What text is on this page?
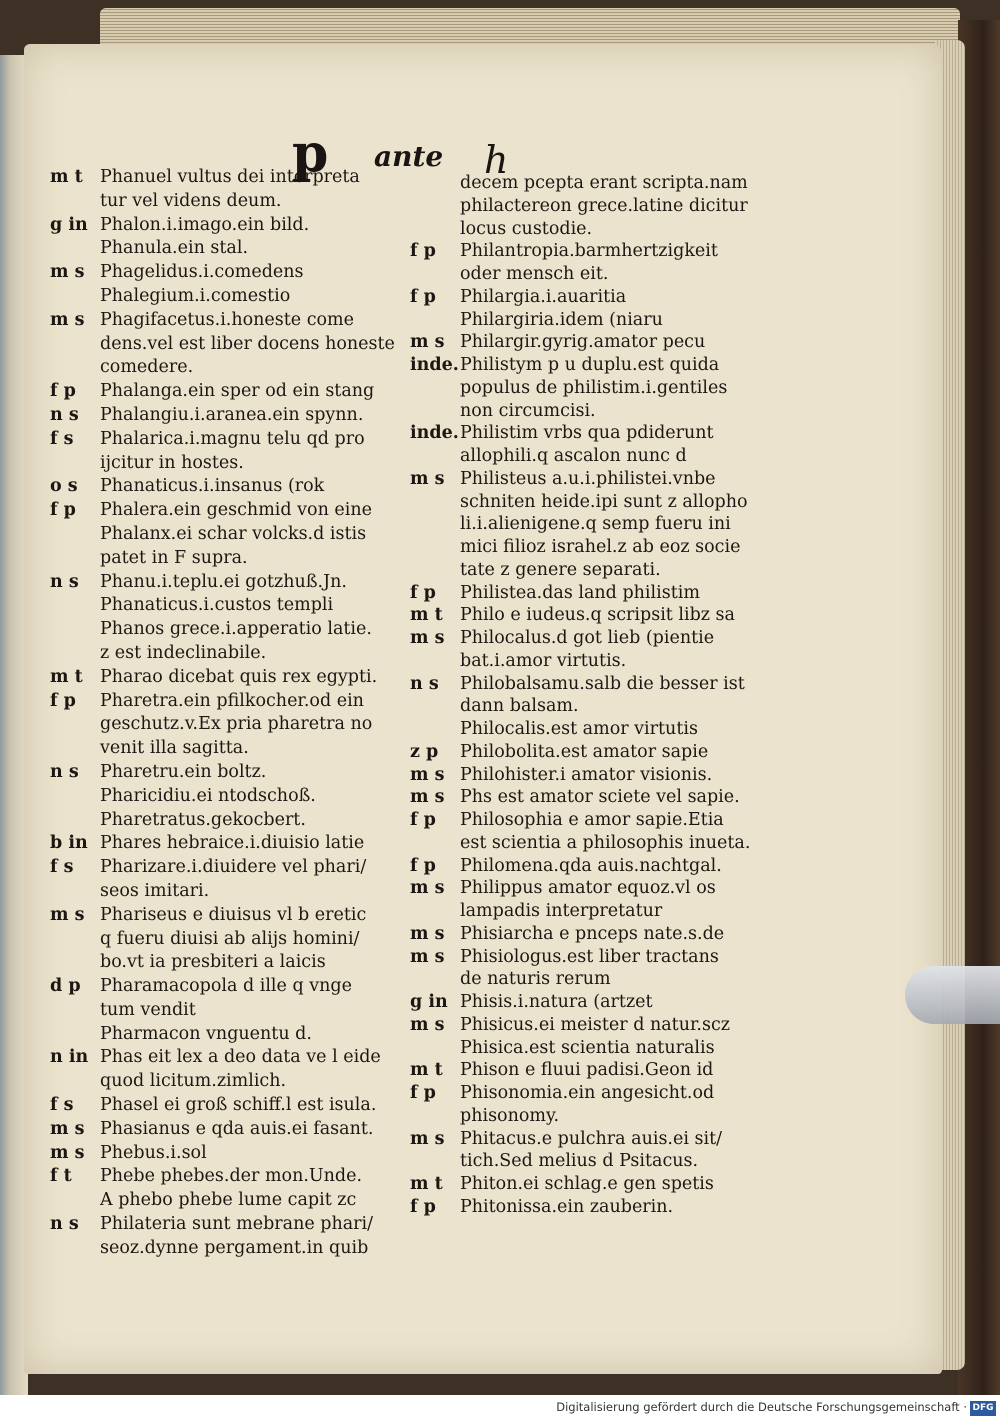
p ante h
m t Phanuel vultus dei interpreta
tur vel videns deum.
g in Phalon.i.imago.ein bild.
Phanula.ein stal.
m s Phagelidus.i.comedens
Phalegium.i.comestio
m s Phagifacetus.i.honeste come
dens.vel est liber docens honeste
comedere.
f p	Phalanga.ein sper od ein stang
n s	Phalangiu.i.aranea.ein spynn.
f s	Phalarica.i.magnu telu qd pro
ijcitur in hostes.
o s	Phanaticus.i.insanus (rok
f p	Phalera.ein geschmid von eine
Phalanx.ei schar volcks.d istis
patet in F supra.
n s	Phanu.i.teplu.ei gotzhuß.Jn.
Phanaticus.i.custos templi
Phanos grece.i.apperatio latie.
z est indeclinabile.
m t Pharao dicebat quis rex egypti.
f p	Pharetra.ein pfilkocher.od ein
geschutz.v.Ex pria pharetra no
venit illa sagitta.
n s	Pharetru.ein boltz.
Pharicidiu.ei ntodschoß.
Pharetratus.gekocbert.
b in Phares hebraice.i.diuisio latie
f s	Pharizare.i.diuidere vel phari/
seos imitari.
m s Phariseus e diuisus vl b eretic
q fueru diuisi ab alijs homini/
bo.vt ia presbiteri a laicis
d p	Pharamacopola d ille q vnge
tum vendit
Pharmacon vnguentu d.
n in Phas eit lex a deo data ve l eide
quod licitum.zimlich.
f s	Phasel ei groß schiff.l est isula.
m s Phasianus e qda auis.ei fasant.
m s Phebus.i.sol
f t	Phebe phebes.der mon.Unde.
A phebo phebe lume capit zc
n s	Philateria sunt mebrane phari/
seoz.dynne pergament.in quib
decem pcepta erant scripta.nam
philactereon grece.latine dicitur
locus custodie.
f p	Philantropia.barmhertzigkeit
oder mensch eit.
f p	Philargia.i.auaritia
Philargiria.idem (niaru
m s Philargir.gyrig.amator pecu
inde. Philistym p u duplu.est quida
populus de philistim.i.gentiles
non circumcisi.
inde. Philistim vrbs qua pdiderunt
allophili.q ascalon nunc d
m s Philisteus a.u.i.philistei.vnbe
schniten heide.ipi sunt z allopho
li.i.alienigene.q semp fueru ini
mici filioz israhel.z ab eoz socie
tate z genere separati.
f p	Philistea.das land philistim
m t Philo e iudeus.q scripsit libz sa
m s Philocalus.d got lieb (pientie
bat.i.amor virtutis.
n s	Philobalsamu.salb die besser ist
dann balsam.
Philocalis.est amor virtutis
z p	Philobolita.est amator sapie
m s Philohister.i amator visionis.
m s Phs est amator sciete vel sapie.
f p	Philosophia e amor sapie.Etia
est scientia a philosophis inueta.
f p	Philomena.qda auis.nachtgal.
m s Philippus amator equoz.vl os
lampadis interpretatur
m s Phisiarcha e pnceps nate.s.de
m s Phisiologus.est liber tractans
de naturis rerum
g in Phisis.i.natura (artzet
m s Phisicus.ei meister d natur.scz
Phisica.est scientia naturalis
m t Phison e fluui padisi.Geon id
f p	Phisonomia.ein angesicht.od
phisonomy.
m s Phitacus.e pulchra auis.ei sit/
tich.Sed melius d Psitacus.
m t Phiton.ei schlag.e gen spetis
f p	Phitonissa.ein zauberin.
Digitalisierung gefördert durch die Deutsche Forschungsgemeinschaft · DFG
